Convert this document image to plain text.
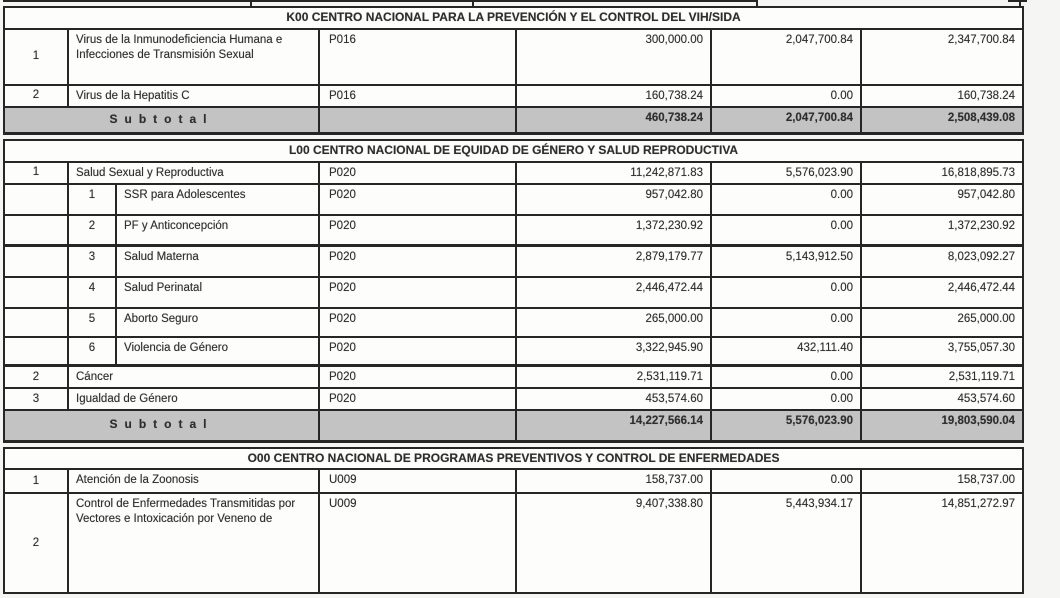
K00 CENTRO NACIONAL PARA LA PREVENCIÓN Y EL CONTROL DEL VIH/SIDA					
1	Virus de la Inmunodeficiencia Humana e Infecciones de Transmisión Sexual	P016	300,000.00	2,047,700.84	2,347,700.84
2	Virus de la Hepatitis C	P016	160,738.24	0.00	160,738.24
Subtotal			460,738.24	2,047,700.84	2,508,439.08
L00 CENTRO NACIONAL DE EQUIDAD DE GÉNERO Y SALUD REPRODUCTIVA						
1	Salud Sexual y Reproductiva		P020	11,242,871.83	5,576,023.90	16,818,895.73
	1	SSR para Adolescentes	P020	957,042.80	0.00	957,042.80
	2	PF y Anticoncepción	P020	1,372,230.92	0.00	1,372,230.92
	3	Salud Materna	P020	2,879,179.77	5,143,912.50	8,023,092.27
	4	Salud Perinatal	P020	2,446,472.44	0.00	2,446,472.44
	5	Aborto Seguro	P020	265,000.00	0.00	265,000.00
	6	Violencia de Género	P020	3,322,945.90	432,111.40	3,755,057.30
2	Cáncer		P020	2,531,119.71	0.00	2,531,119.71
3	Igualdad de Género		P020	453,574.60	0.00	453,574.60
Subtotal				14,227,566.14	5,576,023.90	19,803,590.04
O00 CENTRO NACIONAL DE PROGRAMAS PREVENTIVOS Y CONTROL DE ENFERMEDADES					
1	Atención de la Zoonosis	U009	158,737.00	0.00	158,737.00
2	Control de Enfermedades Transmitidas por Vectores e Intoxicación por Veneno de	U009	9,407,338.80	5,443,934.17	14,851,272.97
